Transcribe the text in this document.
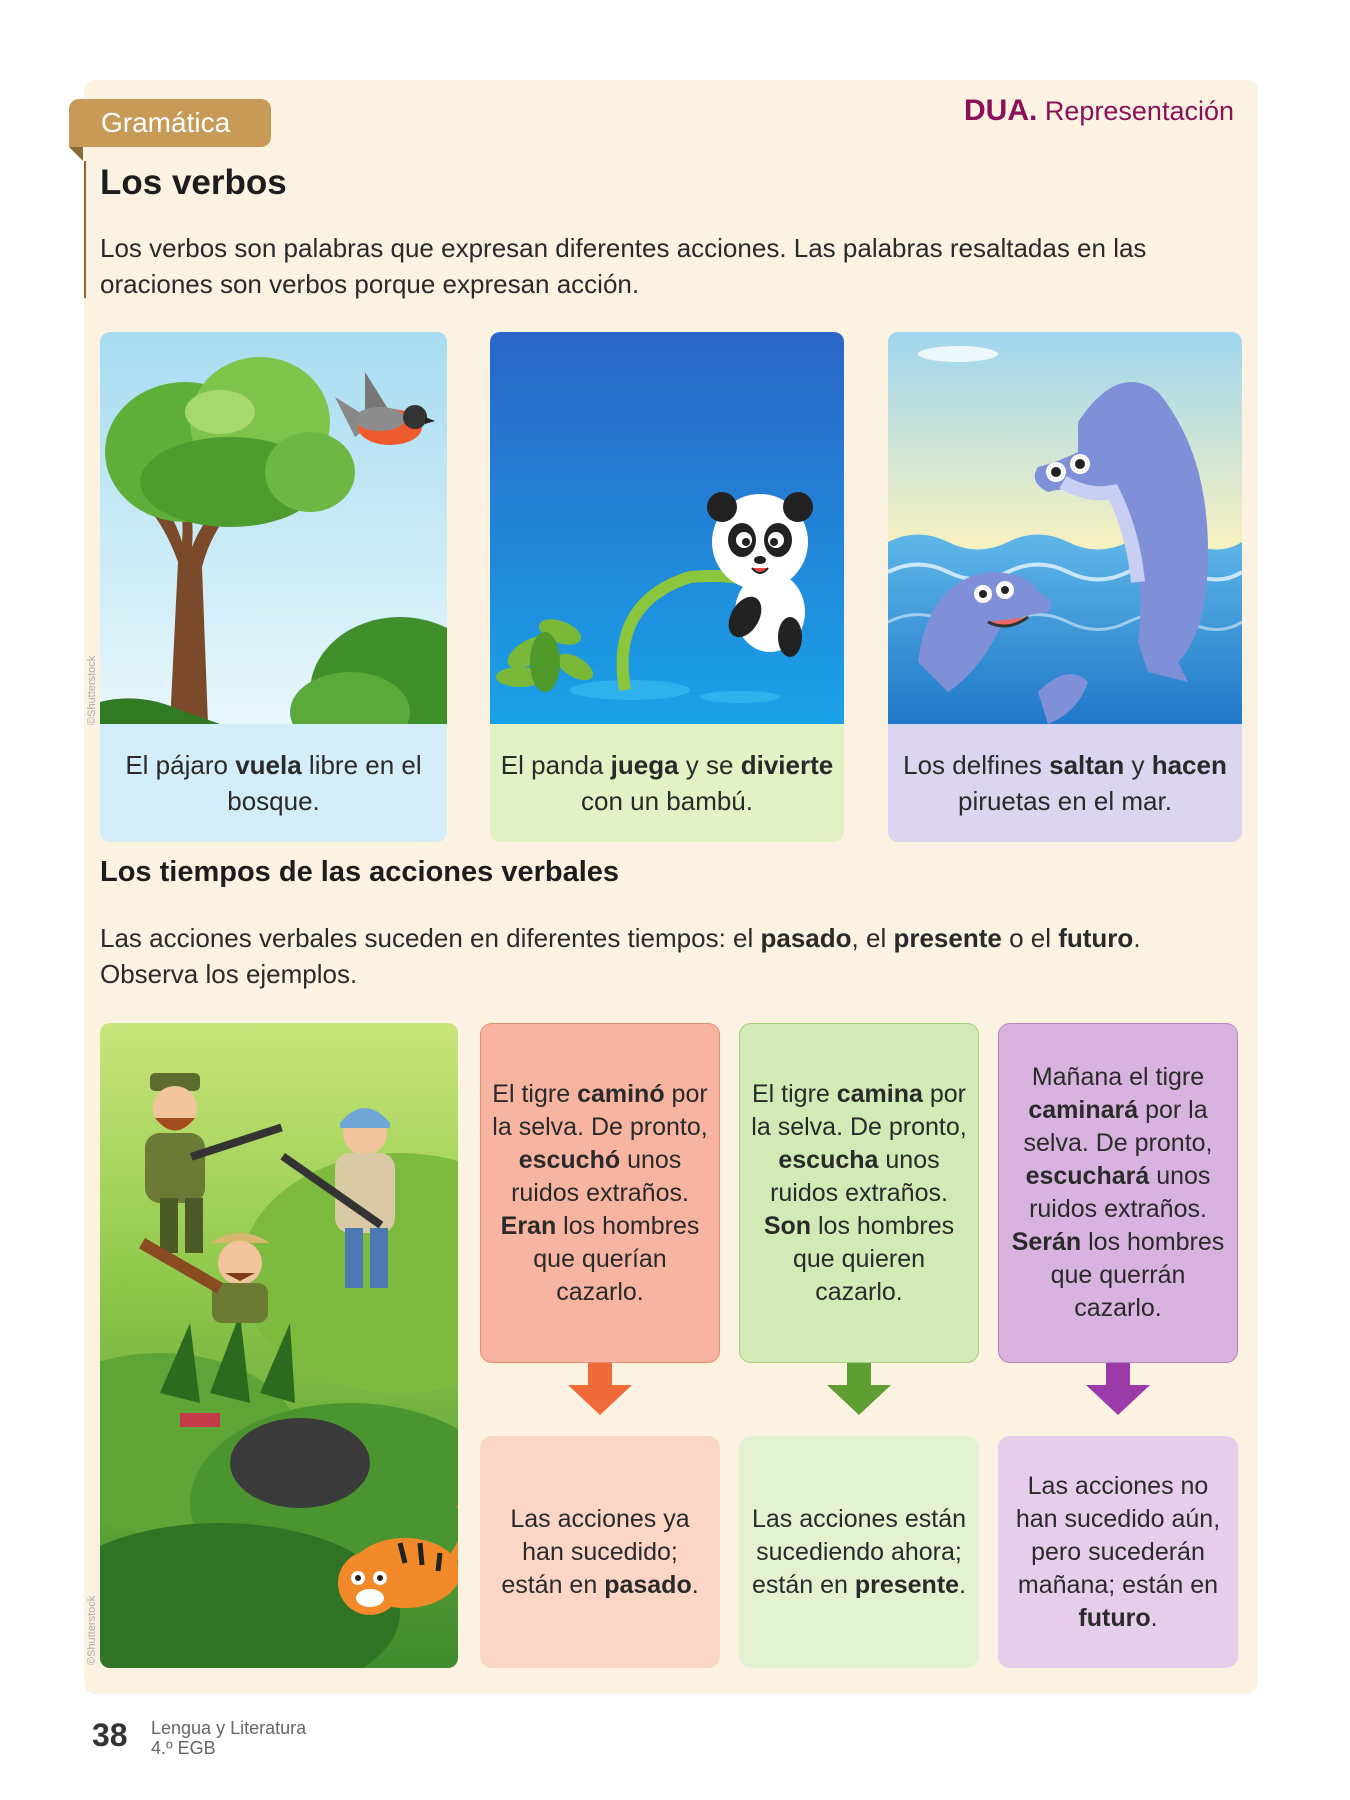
Gramática	DUA. Representación
Los verbos
Los verbos son palabras que expresan diferentes acciones. Las palabras resaltadas en las oraciones son verbos porque expresan acción.
El pájaro vuela libre en el bosque.
©Shutterstock
El panda juega y se divierte con un bambú.
Los delfines saltan y hacen piruetas en el mar.
Los tiempos de las acciones verbales
Las acciones verbales suceden en diferentes tiempos: el pasado, el presente o el futuro. Observa los ejemplos.
©Shutterstock
El tigre caminó por la selva. De pronto, escuchó unos ruidos extraños. Eran los hombres que querían cazarlo.
Las acciones ya han sucedido; están en pasado.
El tigre camina por la selva. De pronto, escucha unos ruidos extraños. Son los hombres que quieren cazarlo.
Las acciones están sucediendo ahora; están en presente.
Mañana el tigre caminará por la selva. De pronto, escuchará unos ruidos extraños. Serán los hombres que querrán cazarlo.
Las acciones no han sucedido aún, pero sucederán mañana; están en futuro.
38 Lengua y Literatura
4.º EGB
